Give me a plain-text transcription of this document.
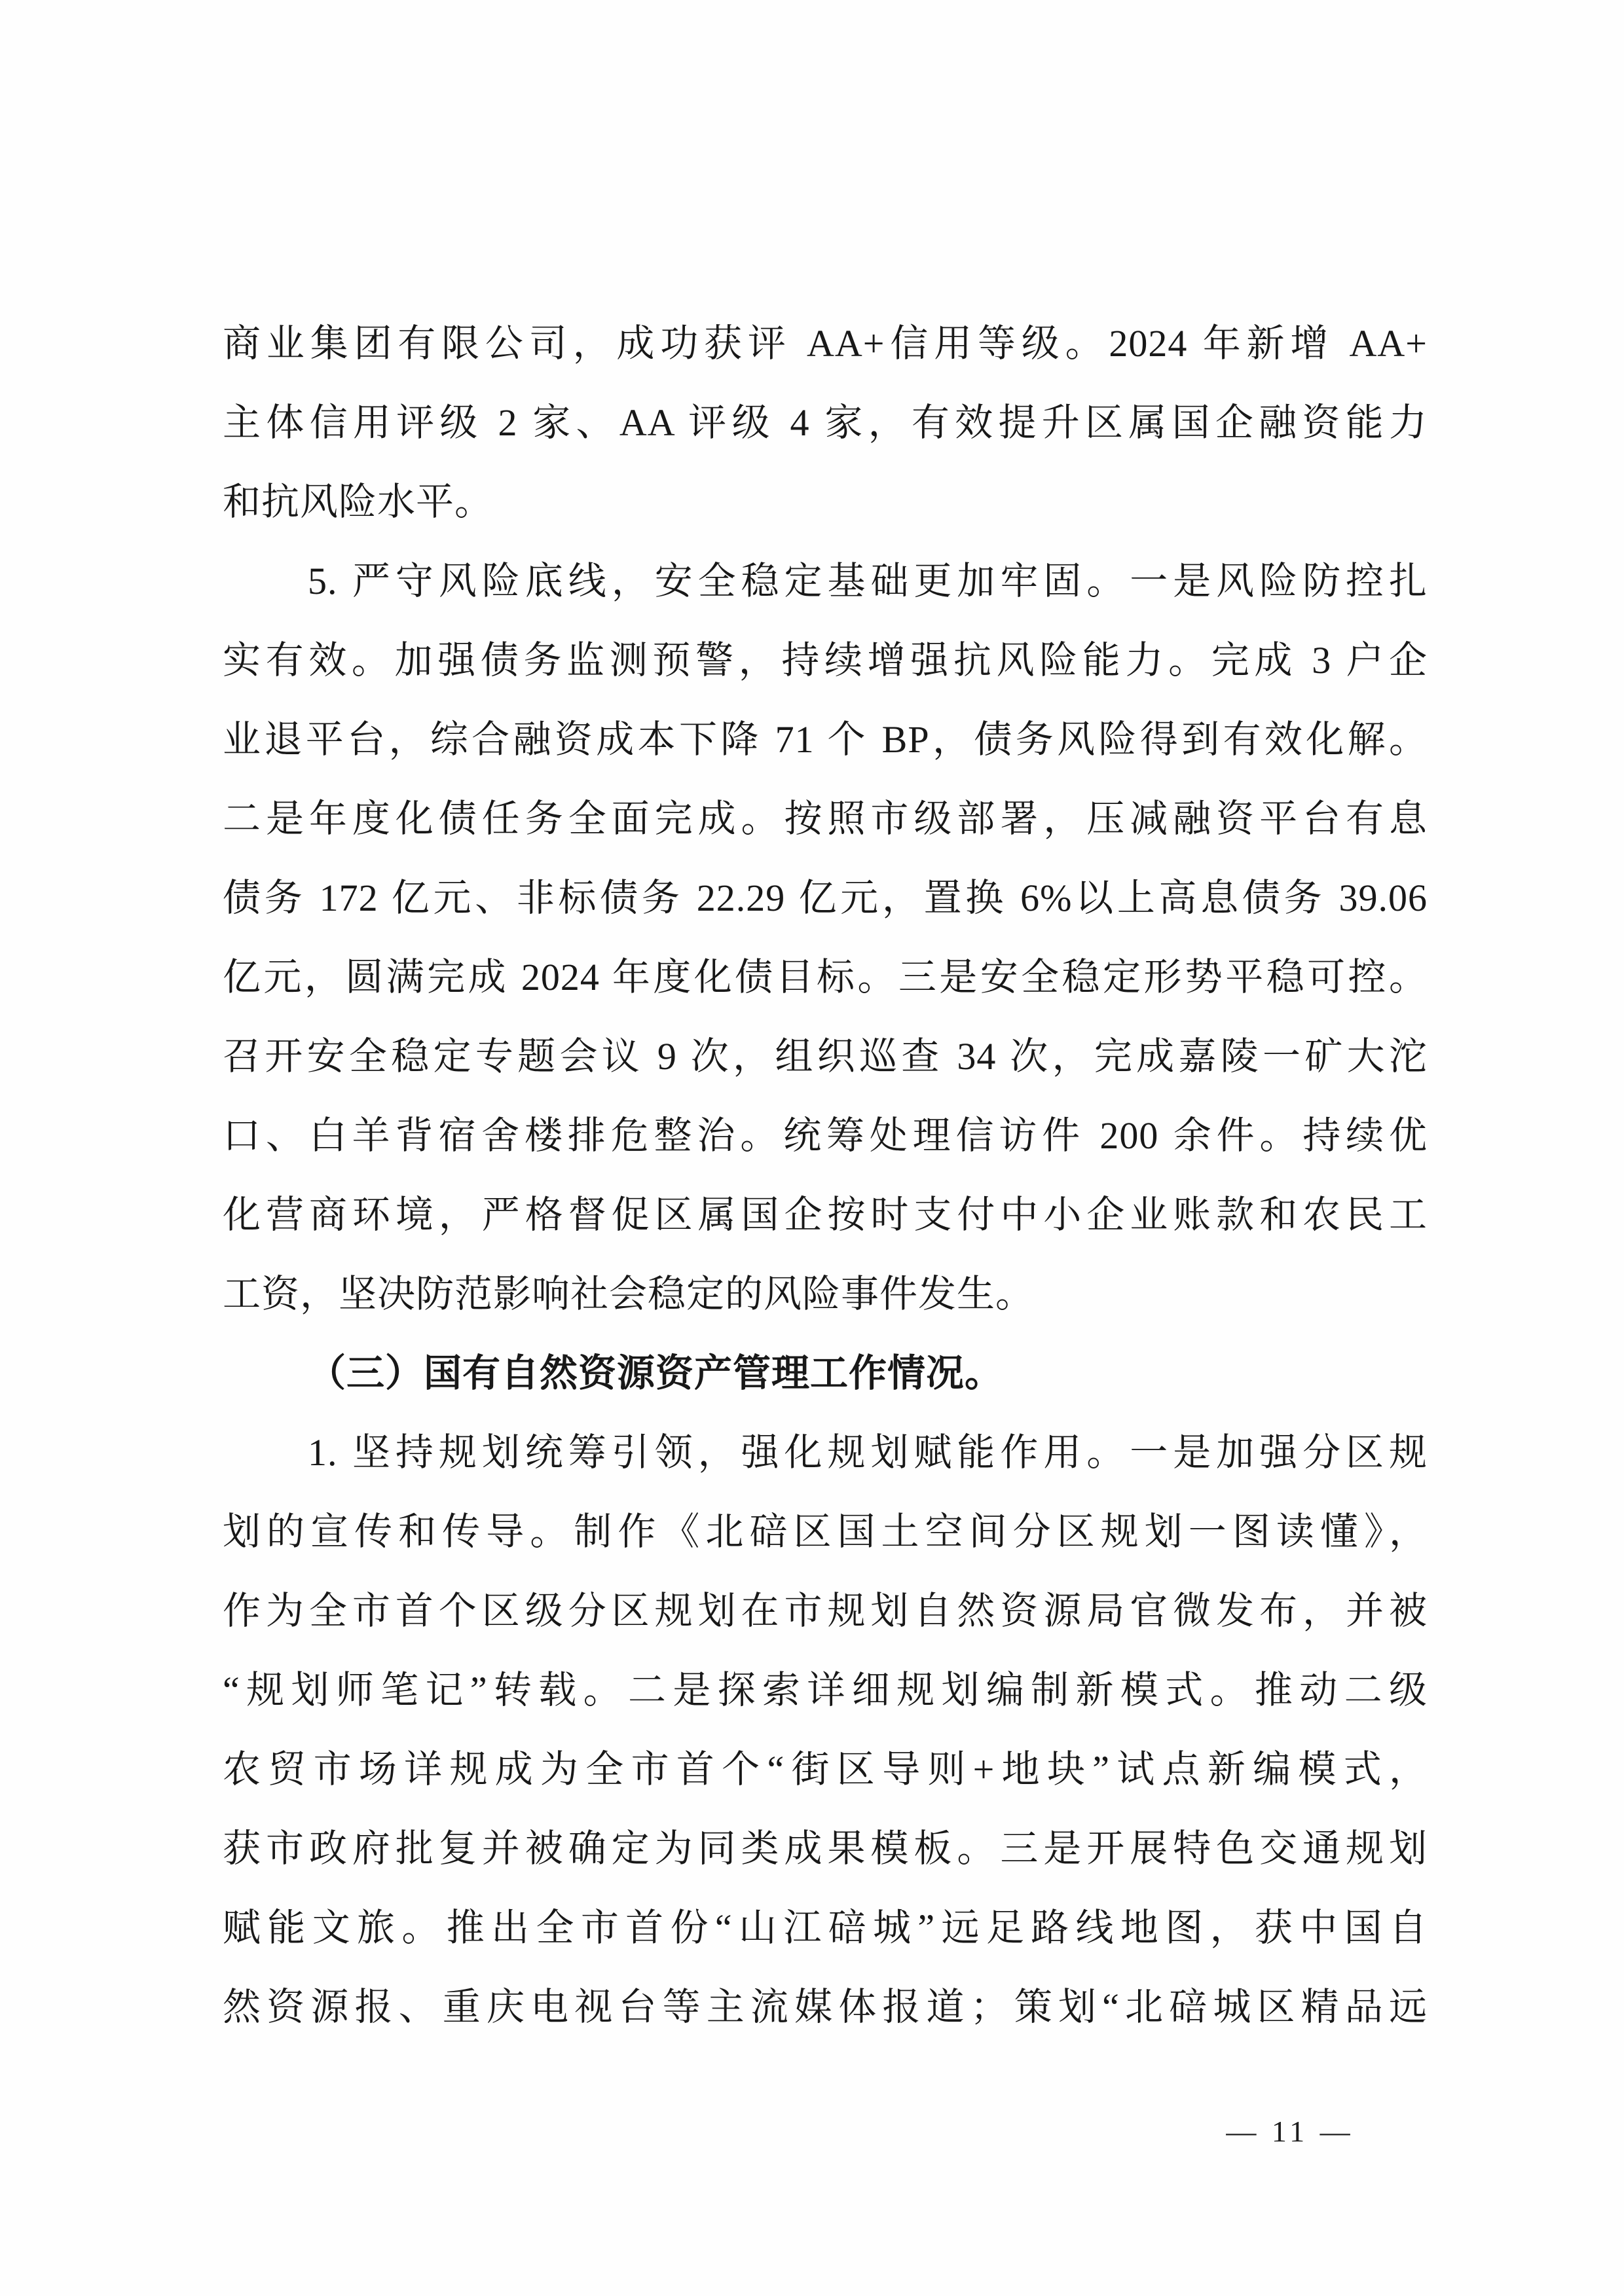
商业集团有限公司，成功获评 AA+信用等级。2024 年新增 AA+
主体信用评级 2 家、AA 评级 4 家，有效提升区属国企融资能力
和抗风险水平。
5. 严守风险底线，安全稳定基础更加牢固。一是风险防控扎
实有效。加强债务监测预警，持续增强抗风险能力。完成 3 户企
业退平台，综合融资成本下降 71 个 BP，债务风险得到有效化解。
二是年度化债任务全面完成。按照市级部署，压减融资平台有息
债务 172 亿元、非标债务 22.29 亿元，置换 6%以上高息债务 39.06
亿元，圆满完成 2024 年度化债目标。三是安全稳定形势平稳可控。
召开安全稳定专题会议 9 次，组织巡查 34 次，完成嘉陵一矿大沱
口、白羊背宿舍楼排危整治。统筹处理信访件 200 余件。持续优
化营商环境，严格督促区属国企按时支付中小企业账款和农民工
工资，坚决防范影响社会稳定的风险事件发生。
（三）国有自然资源资产管理工作情况。
1. 坚持规划统筹引领，强化规划赋能作用。一是加强分区规
划的宣传和传导。制作《北碚区国土空间分区规划一图读懂》，
作为全市首个区级分区规划在市规划自然资源局官微发布，并被
“规划师笔记”转载。二是探索详细规划编制新模式。推动二级
农贸市场详规成为全市首个“街区导则+地块”试点新编模式，
获市政府批复并被确定为同类成果模板。三是开展特色交通规划
赋能文旅。推出全市首份“山江碚城”远足路线地图，获中国自
然资源报、重庆电视台等主流媒体报道；策划“北碚城区精品远
— 11 —
